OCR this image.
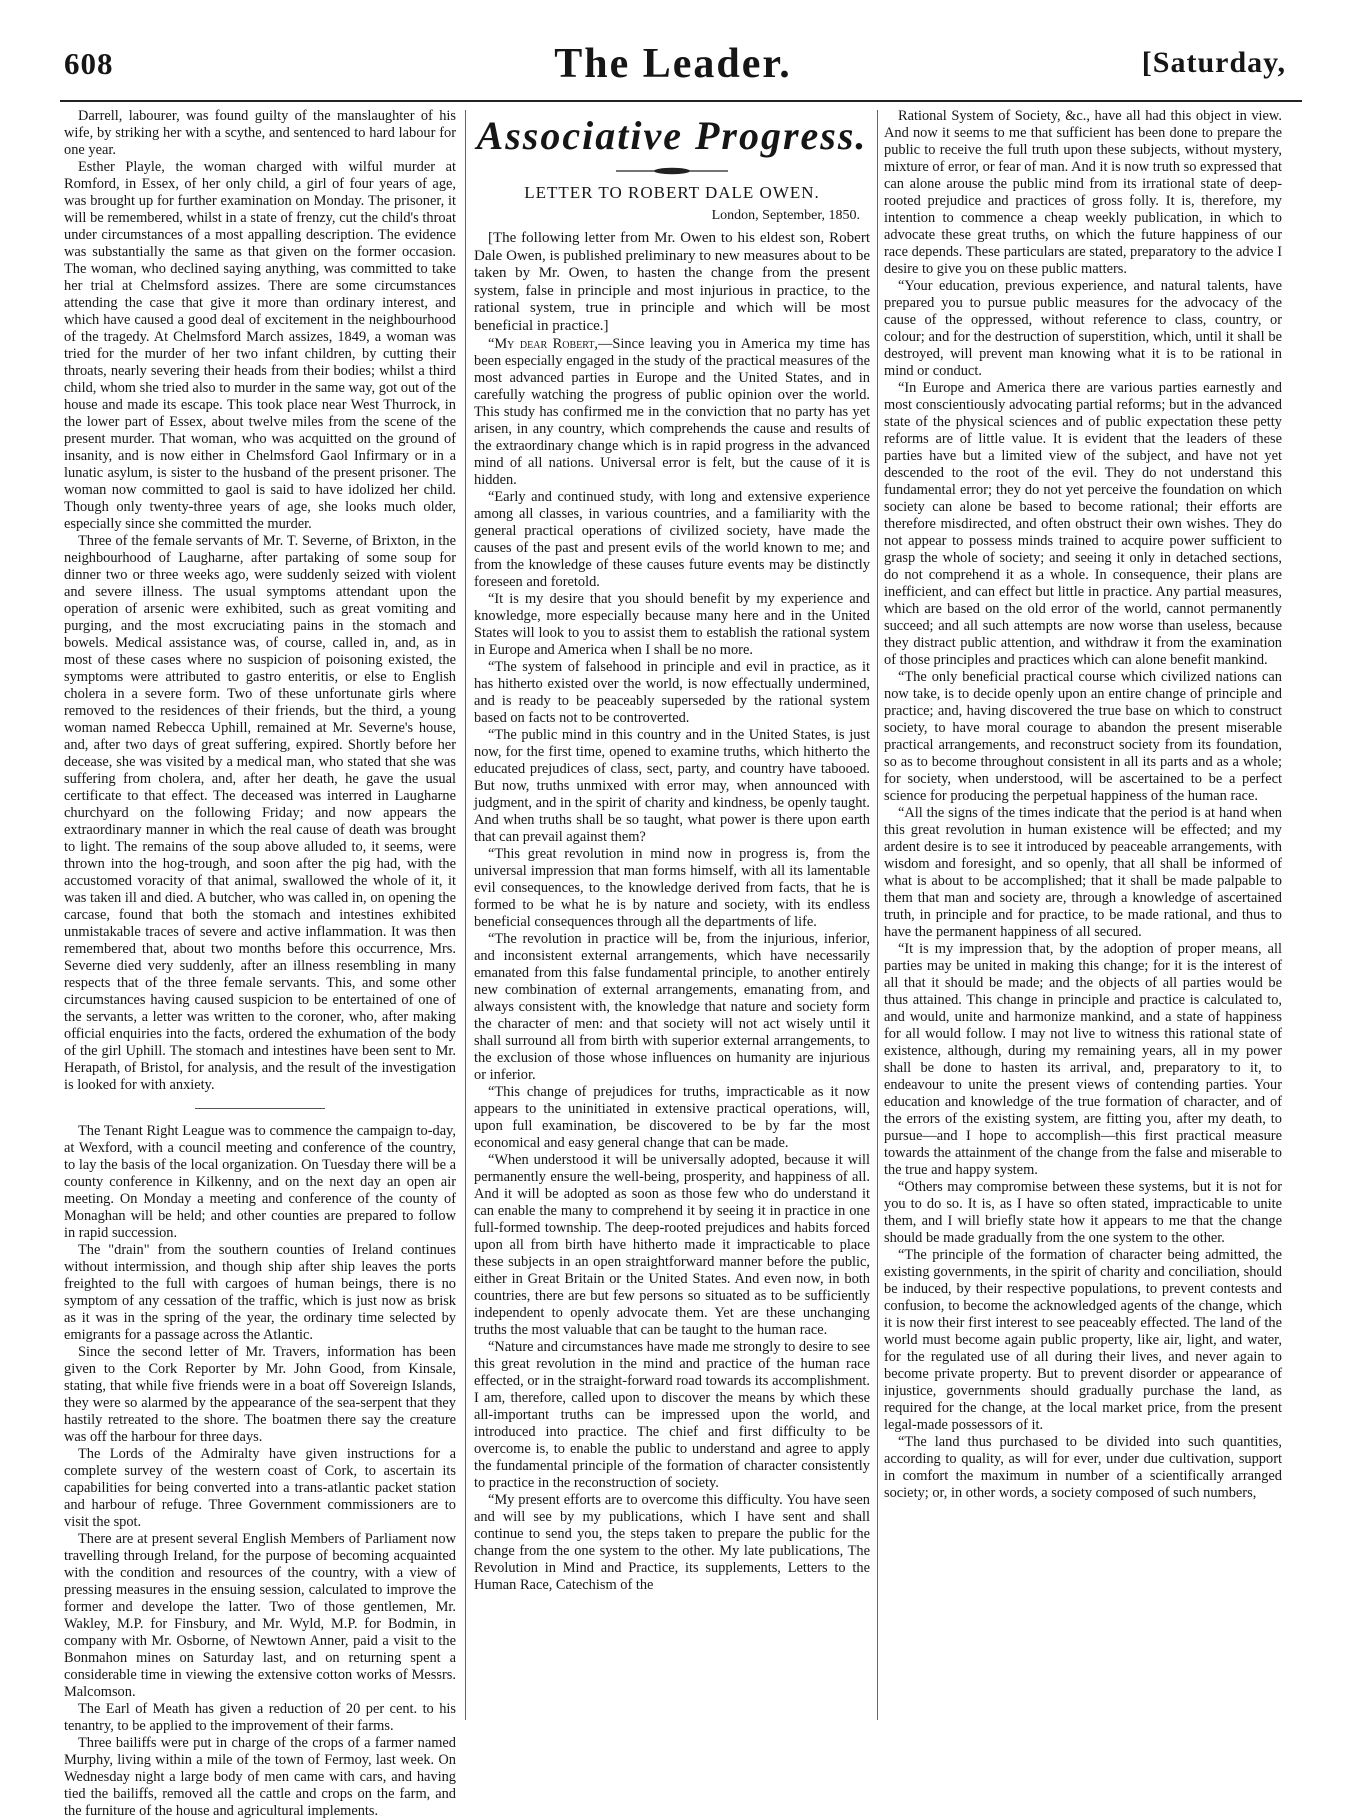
608	The Leader.	[Saturday,

Darrell, labourer, was found guilty of the manslaughter of his wife, by striking her with a scythe, and sentenced to hard labour for one year.

Esther Playle, the woman charged with wilful murder at Romford, in Essex, of her only child, a girl of four years of age, was brought up for further examination on Monday. The prisoner, it will be remembered, whilst in a state of frenzy, cut the child's throat under circumstances of a most appalling description. The evidence was substantially the same as that given on the former occasion. The woman, who declined saying anything, was committed to take her trial at Chelmsford assizes. There are some circumstances attending the case that give it more than ordinary interest, and which have caused a good deal of excitement in the neighbourhood of the tragedy. At Chelmsford March assizes, 1849, a woman was tried for the murder of her two infant children, by cutting their throats, nearly severing their heads from their bodies; whilst a third child, whom she tried also to murder in the same way, got out of the house and made its escape. This took place near West Thurrock, in the lower part of Essex, about twelve miles from the scene of the present murder. That woman, who was acquitted on the ground of insanity, and is now either in Chelmsford Gaol Infirmary or in a lunatic asylum, is sister to the husband of the present prisoner. The woman now committed to gaol is said to have idolized her child. Though only twenty-three years of age, she looks much older, especially since she committed the murder.

Three of the female servants of Mr. T. Severne, of Brixton, in the neighbourhood of Laugharne, after partaking of some soup for dinner two or three weeks ago, were suddenly seized with violent and severe illness. The usual symptoms attendant upon the operation of arsenic were exhibited, such as great vomiting and purging, and the most excruciating pains in the stomach and bowels. Medical assistance was, of course, called in, and, as in most of these cases where no suspicion of poisoning existed, the symptoms were attributed to gastro enteritis, or else to English cholera in a severe form. Two of these unfortunate girls where removed to the residences of their friends, but the third, a young woman named Rebecca Uphill, remained at Mr. Severne's house, and, after two days of great suffering, expired. Shortly before her decease, she was visited by a medical man, who stated that she was suffering from cholera, and, after her death, he gave the usual certificate to that effect. The deceased was interred in Laugharne churchyard on the following Friday; and now appears the extraordinary manner in which the real cause of death was brought to light. The remains of the soup above alluded to, it seems, were thrown into the hog-trough, and soon after the pig had, with the accustomed voracity of that animal, swallowed the whole of it, it was taken ill and died. A butcher, who was called in, on opening the carcase, found that both the stomach and intestines exhibited unmistakable traces of severe and active inflammation. It was then remembered that, about two months before this occurrence, Mrs. Severne died very suddenly, after an illness resembling in many respects that of the three female servants. This, and some other circumstances having caused suspicion to be entertained of one of the servants, a letter was written to the coroner, who, after making official enquiries into the facts, ordered the exhumation of the body of the girl Uphill. The stomach and intestines have been sent to Mr. Herapath, of Bristol, for analysis, and the result of the investigation is looked for with anxiety.

The Tenant Right League was to commence the campaign to-day, at Wexford, with a council meeting and conference of the country, to lay the basis of the local organization. On Tuesday there will be a county conference in Kilkenny, and on the next day an open air meeting. On Monday a meeting and conference of the county of Monaghan will be held; and other counties are prepared to follow in rapid succession.

The "drain" from the southern counties of Ireland continues without intermission, and though ship after ship leaves the ports freighted to the full with cargoes of human beings, there is no symptom of any cessation of the traffic, which is just now as brisk as it was in the spring of the year, the ordinary time selected by emigrants for a passage across the Atlantic.

Since the second letter of Mr. Travers, information has been given to the Cork Reporter by Mr. John Good, from Kinsale, stating, that while five friends were in a boat off Sovereign Islands, they were so alarmed by the appearance of the sea-serpent that they hastily retreated to the shore. The boatmen there say the creature was off the harbour for three days.

The Lords of the Admiralty have given instructions for a complete survey of the western coast of Cork, to ascertain its capabilities for being converted into a trans-atlantic packet station and harbour of refuge. Three Government commissioners are to visit the spot.

There are at present several English Members of Parliament now travelling through Ireland, for the purpose of becoming acquainted with the condition and resources of the country, with a view of pressing measures in the ensuing session, calculated to improve the former and develope the latter. Two of those gentlemen, Mr. Wakley, M.P. for Finsbury, and Mr. Wyld, M.P. for Bodmin, in company with Mr. Osborne, of Newtown Anner, paid a visit to the Bonmahon mines on Saturday last, and on returning spent a considerable time in viewing the extensive cotton works of Messrs. Malcomson.

The Earl of Meath has given a reduction of 20 per cent. to his tenantry, to be applied to the improvement of their farms.

Three bailiffs were put in charge of the crops of a farmer named Murphy, living within a mile of the town of Fermoy, last week. On Wednesday night a large body of men came with cars, and having tied the bailiffs, removed all the cattle and crops on the farm, and the furniture of the house and agricultural implements.

Associative Progress.
LETTER TO ROBERT DALE OWEN.
London, September, 1850.

[The following letter from Mr. Owen to his eldest son, Robert Dale Owen, is published preliminary to new measures about to be taken by Mr. Owen, to hasten the change from the present system, false in principle and most injurious in practice, to the rational system, true in principle and which will be most beneficial in practice.]

“My dear Robert,—Since leaving you in America my time has been especially engaged in the study of the practical measures of the most advanced parties in Europe and the United States, and in carefully watching the progress of public opinion over the world. This study has confirmed me in the conviction that no party has yet arisen, in any country, which comprehends the cause and results of the extraordinary change which is in rapid progress in the advanced mind of all nations. Universal error is felt, but the cause of it is hidden.

“Early and continued study, with long and extensive experience among all classes, in various countries, and a familiarity with the general practical operations of civilized society, have made the causes of the past and present evils of the world known to me; and from the knowledge of these causes future events may be distinctly foreseen and foretold.

“It is my desire that you should benefit by my experience and knowledge, more especially because many here and in the United States will look to you to assist them to establish the rational system in Europe and America when I shall be no more.

“The system of falsehood in principle and evil in practice, as it has hitherto existed over the world, is now effectually undermined, and is ready to be peaceably superseded by the rational system based on facts not to be controverted.

“The public mind in this country and in the United States, is just now, for the first time, opened to examine truths, which hitherto the educated prejudices of class, sect, party, and country have tabooed. But now, truths unmixed with error may, when announced with judgment, and in the spirit of charity and kindness, be openly taught. And when truths shall be so taught, what power is there upon earth that can prevail against them?

“This great revolution in mind now in progress is, from the universal impression that man forms himself, with all its lamentable evil consequences, to the knowledge derived from facts, that he is formed to be what he is by nature and society, with its endless beneficial consequences through all the departments of life.

“The revolution in practice will be, from the injurious, inferior, and inconsistent external arrangements, which have necessarily emanated from this false fundamental principle, to another entirely new combination of external arrangements, emanating from, and always consistent with, the knowledge that nature and society form the character of men: and that society will not act wisely until it shall surround all from birth with superior external arrangements, to the exclusion of those whose influences on humanity are injurious or inferior.

“This change of prejudices for truths, impracticable as it now appears to the uninitiated in extensive practical operations, will, upon full examination, be discovered to be by far the most economical and easy general change that can be made.

“When understood it will be universally adopted, because it will permanently ensure the well-being, prosperity, and happiness of all. And it will be adopted as soon as those few who do understand it can enable the many to comprehend it by seeing it in practice in one full-formed township. The deep-rooted prejudices and habits forced upon all from birth have hitherto made it impracticable to place these subjects in an open straightforward manner before the public, either in Great Britain or the United States. And even now, in both countries, there are but few persons so situated as to be sufficiently independent to openly advocate them. Yet are these unchanging truths the most valuable that can be taught to the human race.

“Nature and circumstances have made me strongly to desire to see this great revolution in the mind and practice of the human race effected, or in the straight-forward road towards its accomplishment. I am, therefore, called upon to discover the means by which these all-important truths can be impressed upon the world, and introduced into practice. The chief and first difficulty to be overcome is, to enable the public to understand and agree to apply the fundamental principle of the formation of character consistently to practice in the reconstruction of society.

“My present efforts are to overcome this difficulty. You have seen and will see by my publications, which I have sent and shall continue to send you, the steps taken to prepare the public for the change from the one system to the other. My late publications, The Revolution in Mind and Practice, its supplements, Letters to the Human Race, Catechism of the

Rational System of Society, &c., have all had this object in view. And now it seems to me that sufficient has been done to prepare the public to receive the full truth upon these subjects, without mystery, mixture of error, or fear of man. And it is now truth so expressed that can alone arouse the public mind from its irrational state of deep-rooted prejudice and practices of gross folly. It is, therefore, my intention to commence a cheap weekly publication, in which to advocate these great truths, on which the future happiness of our race depends. These particulars are stated, preparatory to the advice I desire to give you on these public matters.

“Your education, previous experience, and natural talents, have prepared you to pursue public measures for the advocacy of the cause of the oppressed, without reference to class, country, or colour; and for the destruction of superstition, which, until it shall be destroyed, will prevent man knowing what it is to be rational in mind or conduct.

“In Europe and America there are various parties earnestly and most conscientiously advocating partial reforms; but in the advanced state of the physical sciences and of public expectation these petty reforms are of little value. It is evident that the leaders of these parties have but a limited view of the subject, and have not yet descended to the root of the evil. They do not understand this fundamental error; they do not yet perceive the foundation on which society can alone be based to become rational; their efforts are therefore misdirected, and often obstruct their own wishes. They do not appear to possess minds trained to acquire power sufficient to grasp the whole of society; and seeing it only in detached sections, do not comprehend it as a whole. In consequence, their plans are inefficient, and can effect but little in practice. Any partial measures, which are based on the old error of the world, cannot permanently succeed; and all such attempts are now worse than useless, because they distract public attention, and withdraw it from the examination of those principles and practices which can alone benefit mankind.

“The only beneficial practical course which civilized nations can now take, is to decide openly upon an entire change of principle and practice; and, having discovered the true base on which to construct society, to have moral courage to abandon the present miserable practical arrangements, and reconstruct society from its foundation, so as to become throughout consistent in all its parts and as a whole; for society, when understood, will be ascertained to be a perfect science for producing the perpetual happiness of the human race.

“All the signs of the times indicate that the period is at hand when this great revolution in human existence will be effected; and my ardent desire is to see it introduced by peaceable arrangements, with wisdom and foresight, and so openly, that all shall be informed of what is about to be accomplished; that it shall be made palpable to them that man and society are, through a knowledge of ascertained truth, in principle and for practice, to be made rational, and thus to have the permanent happiness of all secured.

“It is my impression that, by the adoption of proper means, all parties may be united in making this change; for it is the interest of all that it should be made; and the objects of all parties would be thus attained. This change in principle and practice is calculated to, and would, unite and harmonize mankind, and a state of happiness for all would follow. I may not live to witness this rational state of existence, although, during my remaining years, all in my power shall be done to hasten its arrival, and, preparatory to it, to endeavour to unite the present views of contending parties. Your education and knowledge of the true formation of character, and of the errors of the existing system, are fitting you, after my death, to pursue—and I hope to accomplish—this first practical measure towards the attainment of the change from the false and miserable to the true and happy system.

“Others may compromise between these systems, but it is not for you to do so. It is, as I have so often stated, impracticable to unite them, and I will briefly state how it appears to me that the change should be made gradually from the one system to the other.

“The principle of the formation of character being admitted, the existing governments, in the spirit of charity and conciliation, should be induced, by their respective populations, to prevent contests and confusion, to become the acknowledged agents of the change, which it is now their first interest to see peaceably effected. The land of the world must become again public property, like air, light, and water, for the regulated use of all during their lives, and never again to become private property. But to prevent disorder or appearance of injustice, governments should gradually purchase the land, as required for the change, at the local market price, from the present legal-made possessors of it.

“The land thus purchased to be divided into such quantities, according to quality, as will for ever, under due cultivation, support in comfort the maximum in number of a scientifically arranged society; or, in other words, a society composed of such numbers,
